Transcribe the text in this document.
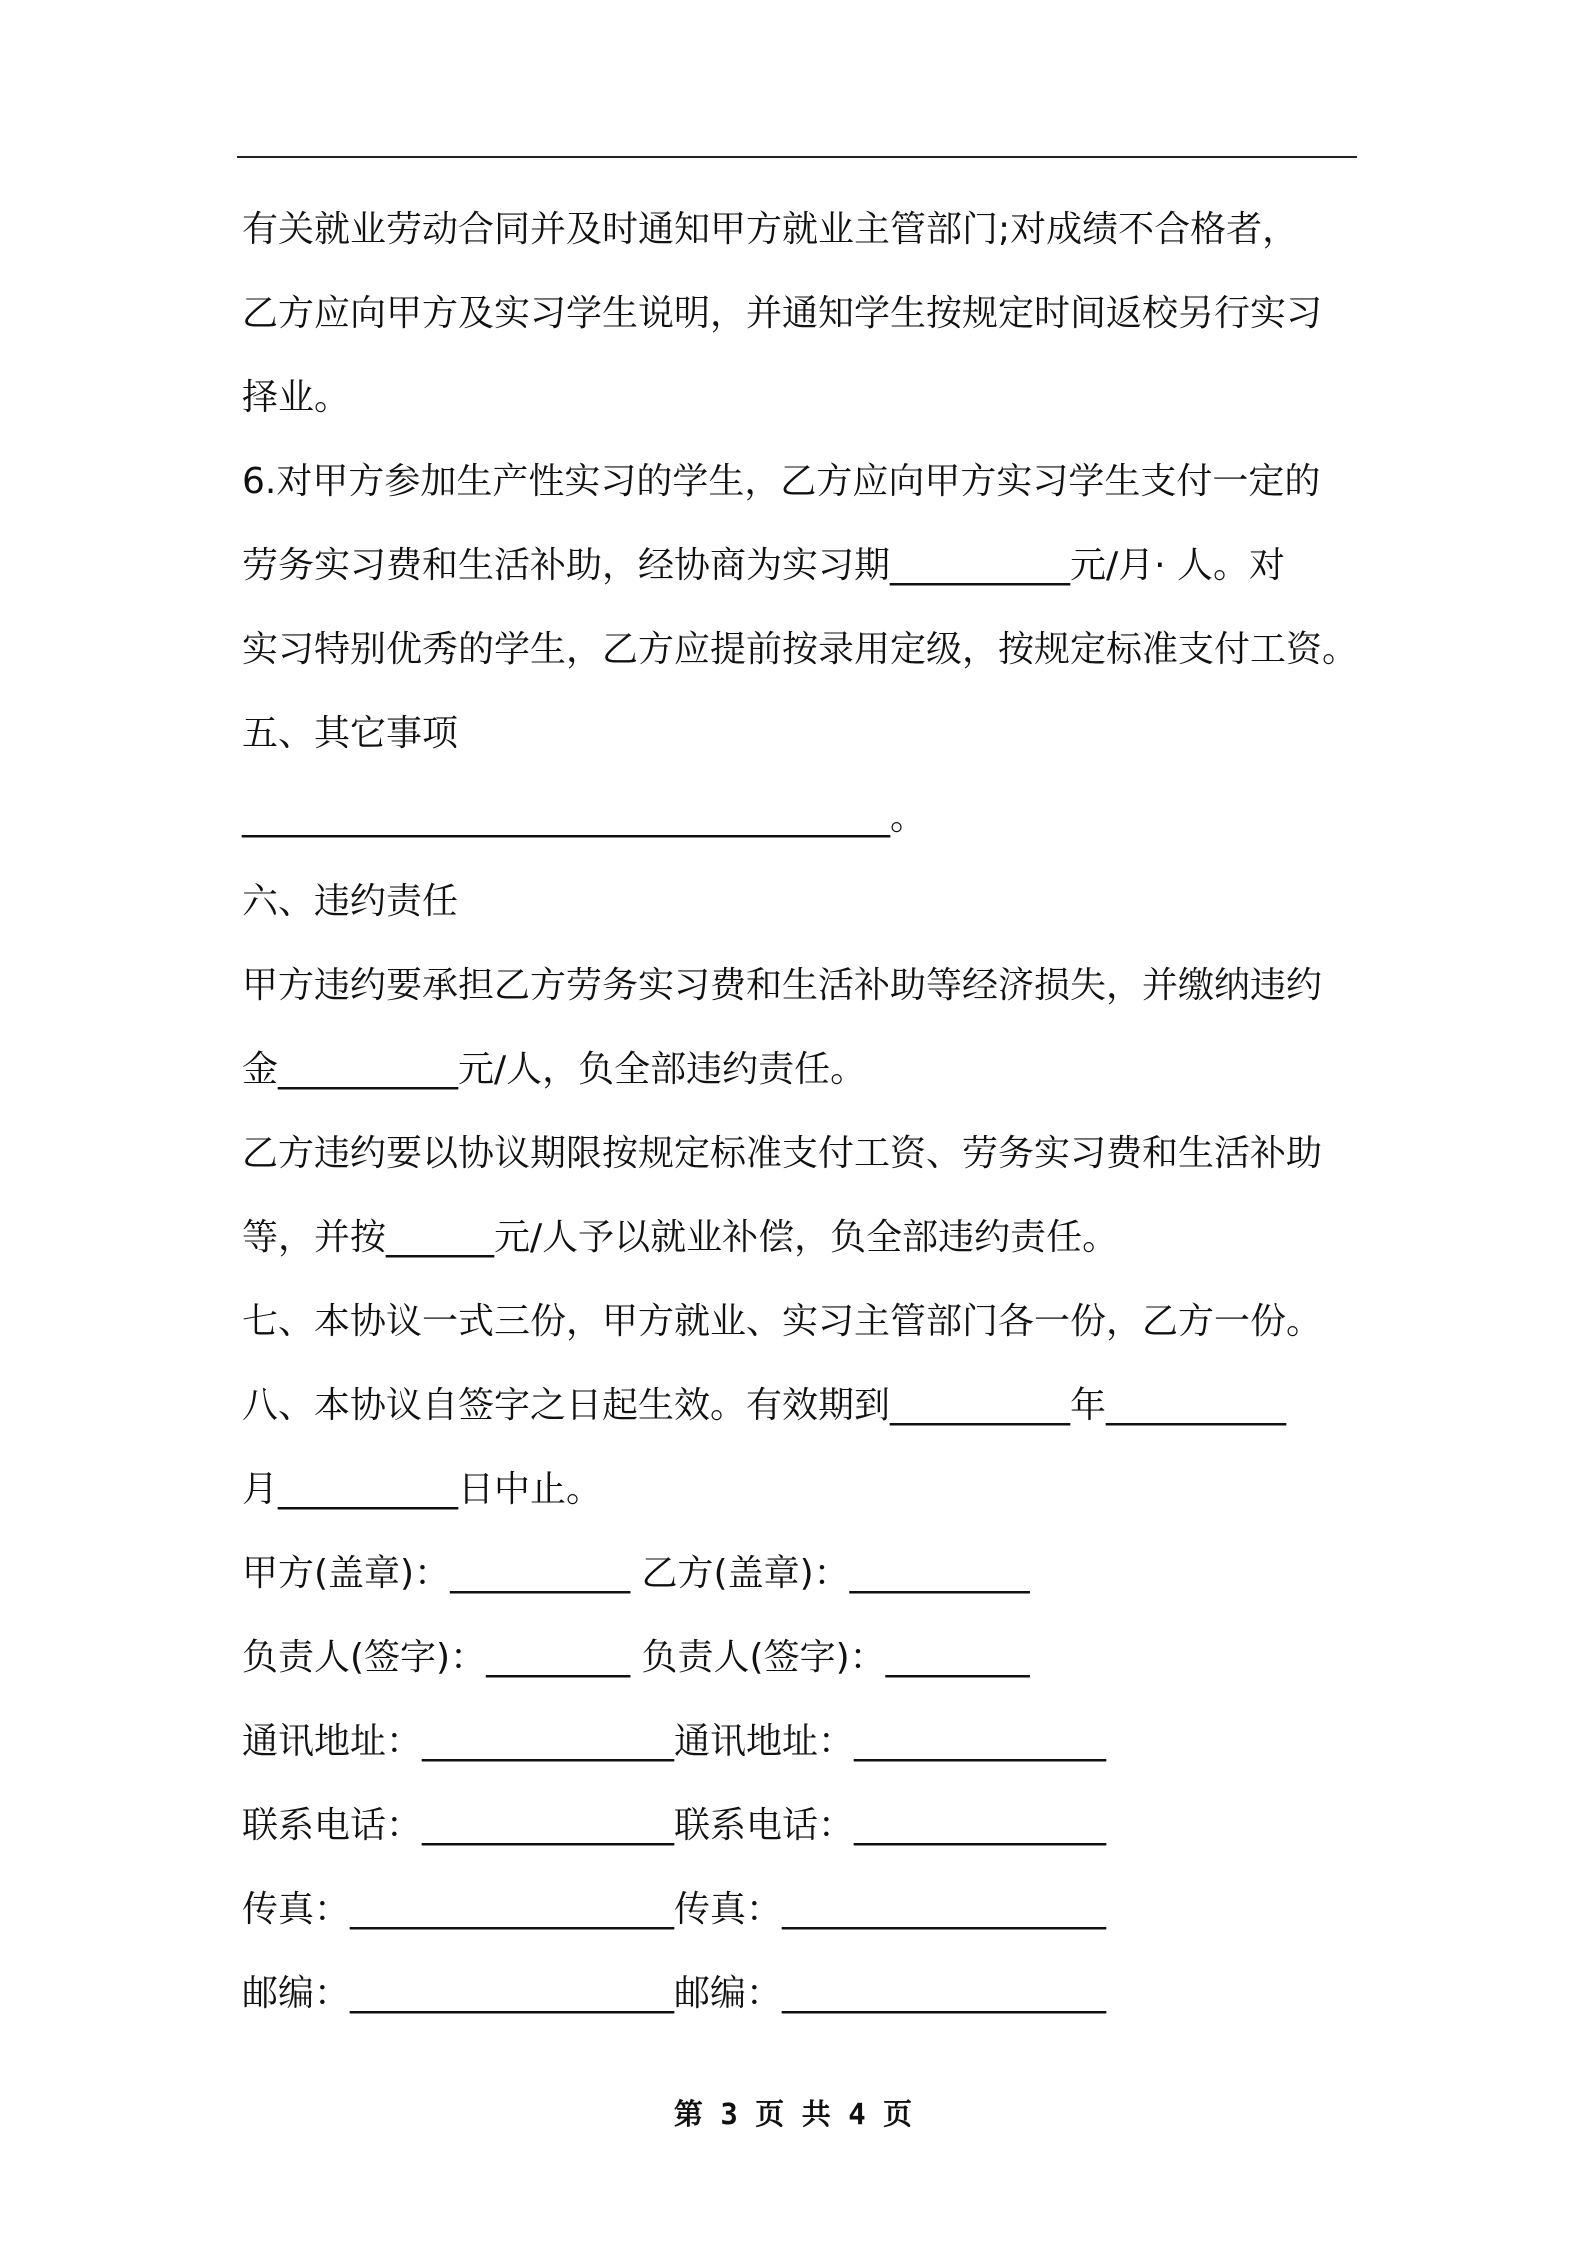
有关就业劳动合同并及时通知甲方就业主管部门;对成绩不合格者，
乙方应向甲方及实习学生说明，并通知学生按规定时间返校另行实习
择业。
6.对甲方参加生产性实习的学生，乙方应向甲方实习学生支付一定的
劳务实习费和生活补助，经协商为实习期__________元/月· 人。对
实习特别优秀的学生，乙方应提前按录用定级，按规定标准支付工资。
五、其它事项
____________________________________。
六、违约责任
甲方违约要承担乙方劳务实习费和生活补助等经济损失，并缴纳违约
金__________元/人，负全部违约责任。
乙方违约要以协议期限按规定标准支付工资、劳务实习费和生活补助
等，并按______元/人予以就业补偿，负全部违约责任。
七、本协议一式三份，甲方就业、实习主管部门各一份，乙方一份。
八、本协议自签字之日起生效。有效期到__________年__________
月__________日中止。
甲方(盖章)：__________ 乙方(盖章)：__________
负责人(签字)：________ 负责人(签字)：________
通讯地址：______________通讯地址：______________
联系电话：______________联系电话：______________
传真：__________________传真：__________________
邮编：__________________邮编：__________________
第 3 页 共 4 页
